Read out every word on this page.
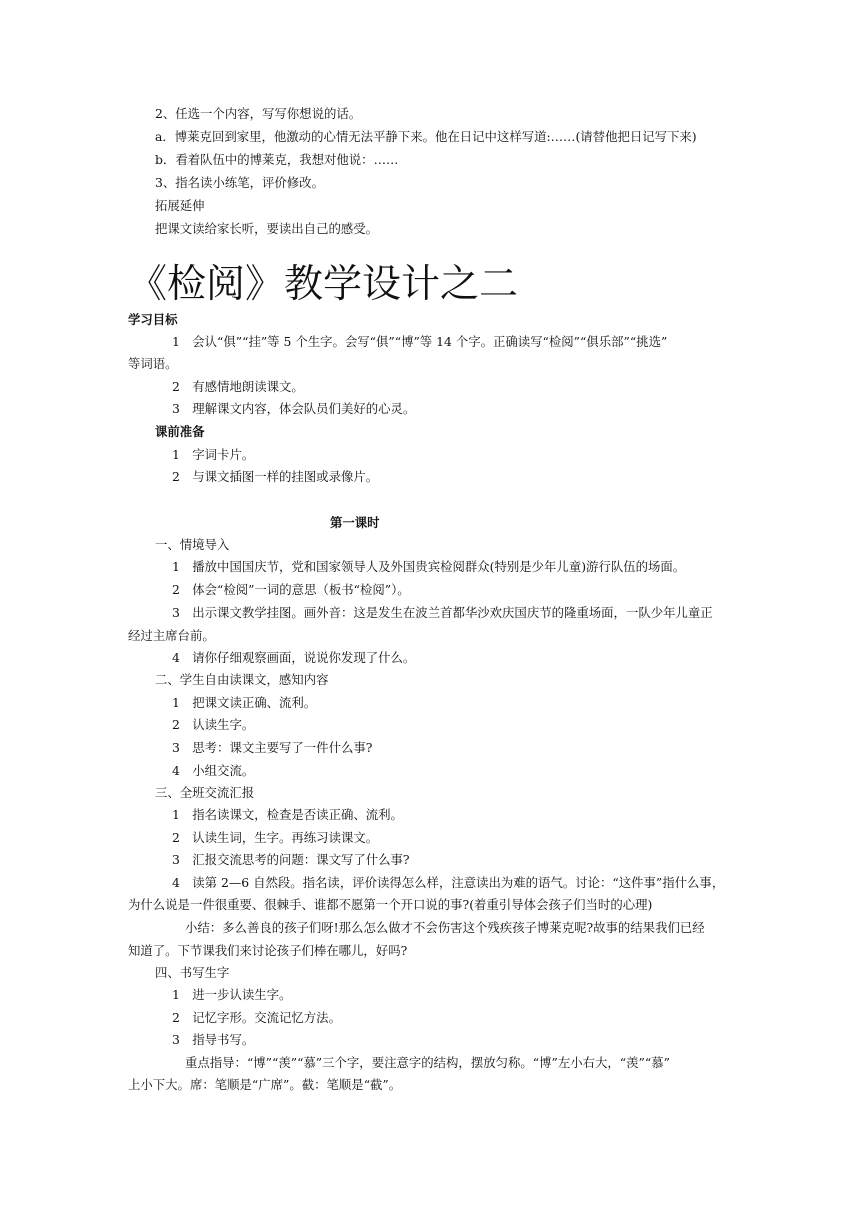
2、任选一个内容，写写你想说的话。
a．博莱克回到家里，他激动的心情无法平静下来。他在日记中这样写道:……(请替他把日记写下来)
b．看着队伍中的博莱克，我想对他说：……
3、指名读小练笔，评价修改。
拓展延伸
把课文读给家长听，要读出自己的感受。
《检阅》教学设计之二
学习目标
1　会认“俱”“挂”等 5 个生字。会写“俱”“博”等 14 个字。正确读写“检阅”“俱乐部”“挑选”
等词语。
2　有感情地朗读课文。
3　理解课文内容，体会队员们美好的心灵。
课前准备
1　字词卡片。
2　与课文插图一样的挂图或录像片。
第一课时
一、情境导入
1　播放中国国庆节，党和国家领导人及外国贵宾检阅群众(特别是少年儿童)游行队伍的场面。
2　体会“检阅”一词的意思（板书“检阅”）。
3　出示课文教学挂图。画外音：这是发生在波兰首都华沙欢庆国庆节的隆重场面，一队少年儿童正
经过主席台前。
4　请你仔细观察画面，说说你发现了什么。
二、学生自由读课文，感知内容
1　把课文读正确、流利。
2　认读生字。
3　思考：课文主要写了一件什么事?
4　小组交流。
三、全班交流汇报
1　指名读课文，检查是否读正确、流利。
2　认读生词，生字。再练习读课文。
3　汇报交流思考的问题：课文写了什么事?
4　读第 2—6 自然段。指名读，评价读得怎么样，注意读出为难的语气。讨论：“这件事”指什么事，
为什么说是一件很重要、很棘手、谁都不愿第一个开口说的事?(着重引导体会孩子们当时的心理)
小结：多么善良的孩子们呀!那么怎么做才不会伤害这个残疾孩子博莱克呢?故事的结果我们已经
知道了。下节课我们来讨论孩子们棒在哪儿，好吗?
四、书写生字
1　进一步认读生字。
2　记忆字形。交流记忆方法。
3　指导书写。
重点指导：“博”“羡”“慕”三个字，要注意字的结构，摆放匀称。“博”左小右大，“羡”“慕”
上小下大。席：笔顺是“广席”。截：笔顺是“截”。
